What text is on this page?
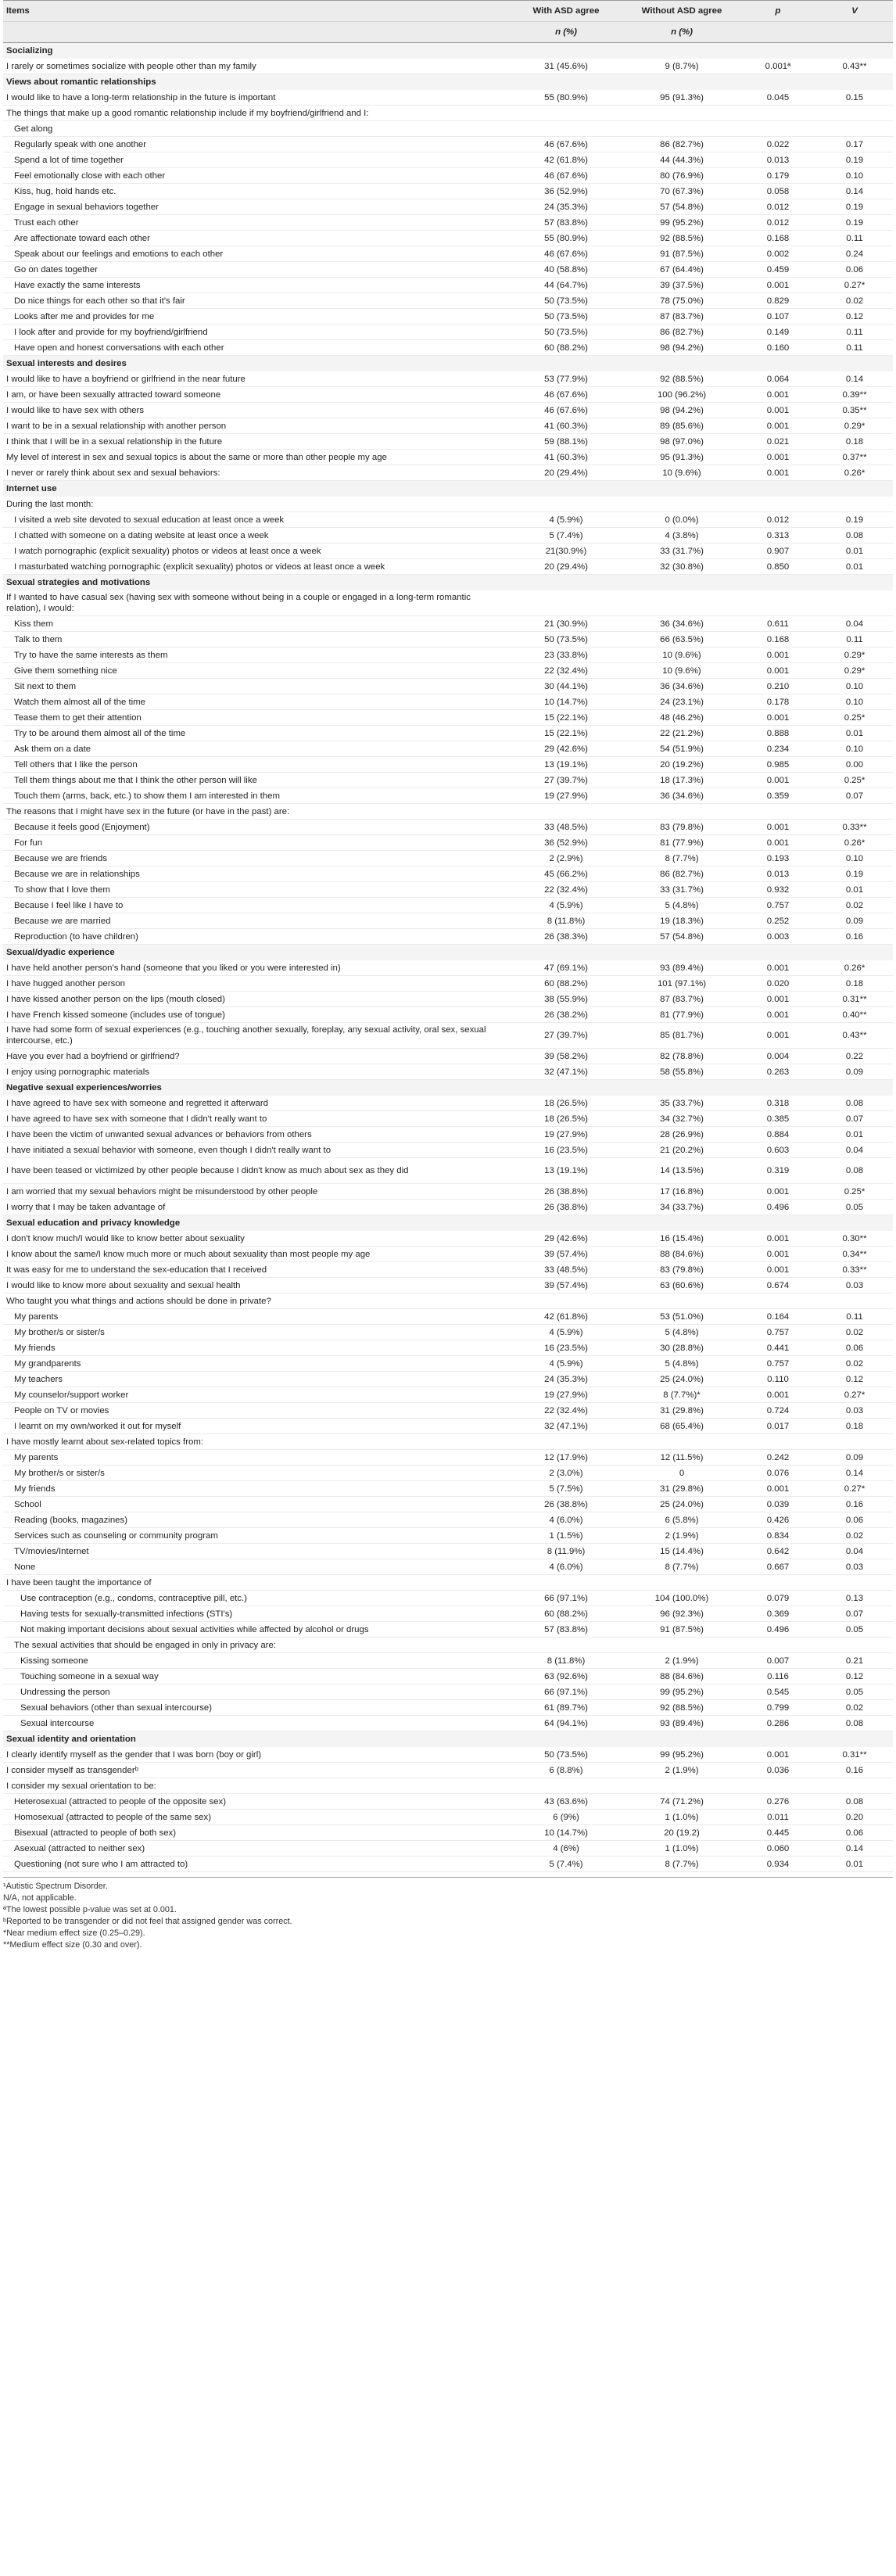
Items	With ASD agree	Without ASD agree	p	V
	n (%)	n (%)		
Socializing				
I rarely or sometimes socialize with people other than my family	31 (45.6%)	9 (8.7%)	0.001ª	0.43**
Views about romantic relationships				
I would like to have a long-term relationship in the future is important	55 (80.9%)	95 (91.3%)	0.045	0.15
The things that make up a good romantic relationship include if my boyfriend/girlfriend and I:				
Get along				
Regularly speak with one another	46 (67.6%)	86 (82.7%)	0.022	0.17
Spend a lot of time together	42 (61.8%)	44 (44.3%)	0.013	0.19
Feel emotionally close with each other	46 (67.6%)	80 (76.9%)	0.179	0.10
Kiss, hug, hold hands etc.	36 (52.9%)	70 (67.3%)	0.058	0.14
Engage in sexual behaviors together	24 (35.3%)	57 (54.8%)	0.012	0.19
Trust each other	57 (83.8%)	99 (95.2%)	0.012	0.19
Are affectionate toward each other	55 (80.9%)	92 (88.5%)	0.168	0.11
Speak about our feelings and emotions to each other	46 (67.6%)	91 (87.5%)	0.002	0.24
Go on dates together	40 (58.8%)	67 (64.4%)	0.459	0.06
Have exactly the same interests	44 (64.7%)	39 (37.5%)	0.001	0.27*
Do nice things for each other so that it's fair	50 (73.5%)	78 (75.0%)	0.829	0.02
Looks after me and provides for me	50 (73.5%)	87 (83.7%)	0.107	0.12
I look after and provide for my boyfriend/girlfriend	50 (73.5%)	86 (82.7%)	0.149	0.11
Have open and honest conversations with each other	60 (88.2%)	98 (94.2%)	0.160	0.11
Sexual interests and desires				
I would like to have a boyfriend or girlfriend in the near future	53 (77.9%)	92 (88.5%)	0.064	0.14
I am, or have been sexually attracted toward someone	46 (67.6%)	100 (96.2%)	0.001	0.39**
I would like to have sex with others	46 (67.6%)	98 (94.2%)	0.001	0.35**
I want to be in a sexual relationship with another person	41 (60.3%)	89 (85.6%)	0.001	0.29*
I think that I will be in a sexual relationship in the future	59 (88.1%)	98 (97.0%)	0.021	0.18
My level of interest in sex and sexual topics is about the same or more than other people my age	41 (60.3%)	95 (91.3%)	0.001	0.37**
I never or rarely think about sex and sexual behaviors:	20 (29.4%)	10 (9.6%)	0.001	0.26*
Internet use				
During the last month:				
I visited a web site devoted to sexual education at least once a week	4 (5.9%)	0 (0.0%)	0.012	0.19
I chatted with someone on a dating website at least once a week	5 (7.4%)	4 (3.8%)	0.313	0.08
I watch pornographic (explicit sexuality) photos or videos at least once a week	21(30.9%)	33 (31.7%)	0.907	0.01
I masturbated watching pornographic (explicit sexuality) photos or videos at least once a week	20 (29.4%)	32 (30.8%)	0.850	0.01
Sexual strategies and motivations				
If I wanted to have casual sex (having sex with someone without being in a couple or engaged in a long-term romantic relation), I would:				
Kiss them	21 (30.9%)	36 (34.6%)	0.611	0.04
Talk to them	50 (73.5%)	66 (63.5%)	0.168	0.11
Try to have the same interests as them	23 (33.8%)	10 (9.6%)	0.001	0.29*
Give them something nice	22 (32.4%)	10 (9.6%)	0.001	0.29*
Sit next to them	30 (44.1%)	36 (34.6%)	0.210	0.10
Watch them almost all of the time	10 (14.7%)	24 (23.1%)	0.178	0.10
Tease them to get their attention	15 (22.1%)	48 (46.2%)	0.001	0.25*
Try to be around them almost all of the time	15 (22.1%)	22 (21.2%)	0.888	0.01
Ask them on a date	29 (42.6%)	54 (51.9%)	0.234	0.10
Tell others that I like the person	13 (19.1%)	20 (19.2%)	0.985	0.00
Tell them things about me that I think the other person will like	27 (39.7%)	18 (17.3%)	0.001	0.25*
Touch them (arms, back, etc.) to show them I am interested in them	19 (27.9%)	36 (34.6%)	0.359	0.07
The reasons that I might have sex in the future (or have in the past) are:				
Because it feels good (Enjoyment)	33 (48.5%)	83 (79.8%)	0.001	0.33**
For fun	36 (52.9%)	81 (77.9%)	0.001	0.26*
Because we are friends	2 (2.9%)	8 (7.7%)	0.193	0.10
Because we are in relationships	45 (66.2%)	86 (82.7%)	0.013	0.19
To show that I love them	22 (32.4%)	33 (31.7%)	0.932	0.01
Because I feel like I have to	4 (5.9%)	5 (4.8%)	0.757	0.02
Because we are married	8 (11.8%)	19 (18.3%)	0.252	0.09
Reproduction (to have children)	26 (38.3%)	57 (54.8%)	0.003	0.16
Sexual/dyadic experience				
I have held another person's hand (someone that you liked or you were interested in)	47 (69.1%)	93 (89.4%)	0.001	0.26*
I have hugged another person	60 (88.2%)	101 (97.1%)	0.020	0.18
I have kissed another person on the lips (mouth closed)	38 (55.9%)	87 (83.7%)	0.001	0.31**
I have French kissed someone (includes use of tongue)	26 (38.2%)	81 (77.9%)	0.001	0.40**
I have had some form of sexual experiences (e.g., touching another sexually, foreplay, any sexual activity, oral sex, sexual intercourse, etc.)	27 (39.7%)	85 (81.7%)	0.001	0.43**
Have you ever had a boyfriend or girlfriend?	39 (58.2%)	82 (78.8%)	0.004	0.22
I enjoy using pornographic materials	32 (47.1%)	58 (55.8%)	0.263	0.09
Negative sexual experiences/worries				
I have agreed to have sex with someone and regretted it afterward	18 (26.5%)	35 (33.7%)	0.318	0.08
I have agreed to have sex with someone that I didn't really want to	18 (26.5%)	34 (32.7%)	0.385	0.07
I have been the victim of unwanted sexual advances or behaviors from others	19 (27.9%)	28 (26.9%)	0.884	0.01
I have initiated a sexual behavior with someone, even though I didn't really want to	16 (23.5%)	21 (20.2%)	0.603	0.04
I have been teased or victimized by other people because I didn't know as much about sex as they did	13 (19.1%)	14 (13.5%)	0.319	0.08
I am worried that my sexual behaviors might be misunderstood by other people	26 (38.8%)	17 (16.8%)	0.001	0.25*
I worry that I may be taken advantage of	26 (38.8%)	34 (33.7%)	0.496	0.05
Sexual education and privacy knowledge				
I don't know much/I would like to know better about sexuality	29 (42.6%)	16 (15.4%)	0.001	0.30**
I know about the same/I know much more or much about sexuality than most people my age	39 (57.4%)	88 (84.6%)	0.001	0.34**
It was easy for me to understand the sex-education that I received	33 (48.5%)	83 (79.8%)	0.001	0.33**
I would like to know more about sexuality and sexual health	39 (57.4%)	63 (60.6%)	0.674	0.03
Who taught you what things and actions should be done in private?				
My parents	42 (61.8%)	53 (51.0%)	0.164	0.11
My brother/s or sister/s	4 (5.9%)	5 (4.8%)	0.757	0.02
My friends	16 (23.5%)	30 (28.8%)	0.441	0.06
My grandparents	4 (5.9%)	5 (4.8%)	0.757	0.02
My teachers	24 (35.3%)	25 (24.0%)	0.110	0.12
My counselor/support worker	19 (27.9%)	8 (7.7%)*	0.001	0.27*
People on TV or movies	22 (32.4%)	31 (29.8%)	0.724	0.03
I learnt on my own/worked it out for myself	32 (47.1%)	68 (65.4%)	0.017	0.18
I have mostly learnt about sex-related topics from:				
My parents	12 (17.9%)	12 (11.5%)	0.242	0.09
My brother/s or sister/s	2 (3.0%)	0	0.076	0.14
My friends	5 (7.5%)	31 (29.8%)	0.001	0.27*
School	26 (38.8%)	25 (24.0%)	0.039	0.16
Reading (books, magazines)	4 (6.0%)	6 (5.8%)	0.426	0.06
Services such as counseling or community program	1 (1.5%)	2 (1.9%)	0.834	0.02
TV/movies/Internet	8 (11.9%)	15 (14.4%)	0.642	0.04
None	4 (6.0%)	8 (7.7%)	0.667	0.03
I have been taught the importance of				
Use contraception (e.g., condoms, contraceptive pill, etc.)	66 (97.1%)	104 (100.0%)	0.079	0.13
Having tests for sexually-transmitted infections (STI's)	60 (88.2%)	96 (92.3%)	0.369	0.07
Not making important decisions about sexual activities while affected by alcohol or drugs	57 (83.8%)	91 (87.5%)	0.496	0.05
The sexual activities that should be engaged in only in privacy are:				
Kissing someone	8 (11.8%)	2 (1.9%)	0.007	0.21
Touching someone in a sexual way	63 (92.6%)	88 (84.6%)	0.116	0.12
Undressing the person	66 (97.1%)	99 (95.2%)	0.545	0.05
Sexual behaviors (other than sexual intercourse)	61 (89.7%)	92 (88.5%)	0.799	0.02
Sexual intercourse	64 (94.1%)	93 (89.4%)	0.286	0.08
Sexual identity and orientation				
I clearly identify myself as the gender that I was born (boy or girl)	50 (73.5%)	99 (95.2%)	0.001	0.31**
I consider myself as transgenderᵇ	6 (8.8%)	2 (1.9%)	0.036	0.16
I consider my sexual orientation to be:				
Heterosexual (attracted to people of the opposite sex)	43 (63.6%)	74 (71.2%)	0.276	0.08
Homosexual (attracted to people of the same sex)	6 (9%)	1 (1.0%)	0.011	0.20
Bisexual (attracted to people of both sex)	10 (14.7%)	20 (19.2)	0.445	0.06
Asexual (attracted to neither sex)	4 (6%)	1 (1.0%)	0.060	0.14
Questioning (not sure who I am attracted to)	5 (7.4%)	8 (7.7%)	0.934	0.01
¹Autistic Spectrum Disorder.
N/A, not applicable.
ªThe lowest possible p-value was set at 0.001.
ᵇReported to be transgender or did not feel that assigned gender was correct.
*Near medium effect size (0.25–0.29).
**Medium effect size (0.30 and over).
